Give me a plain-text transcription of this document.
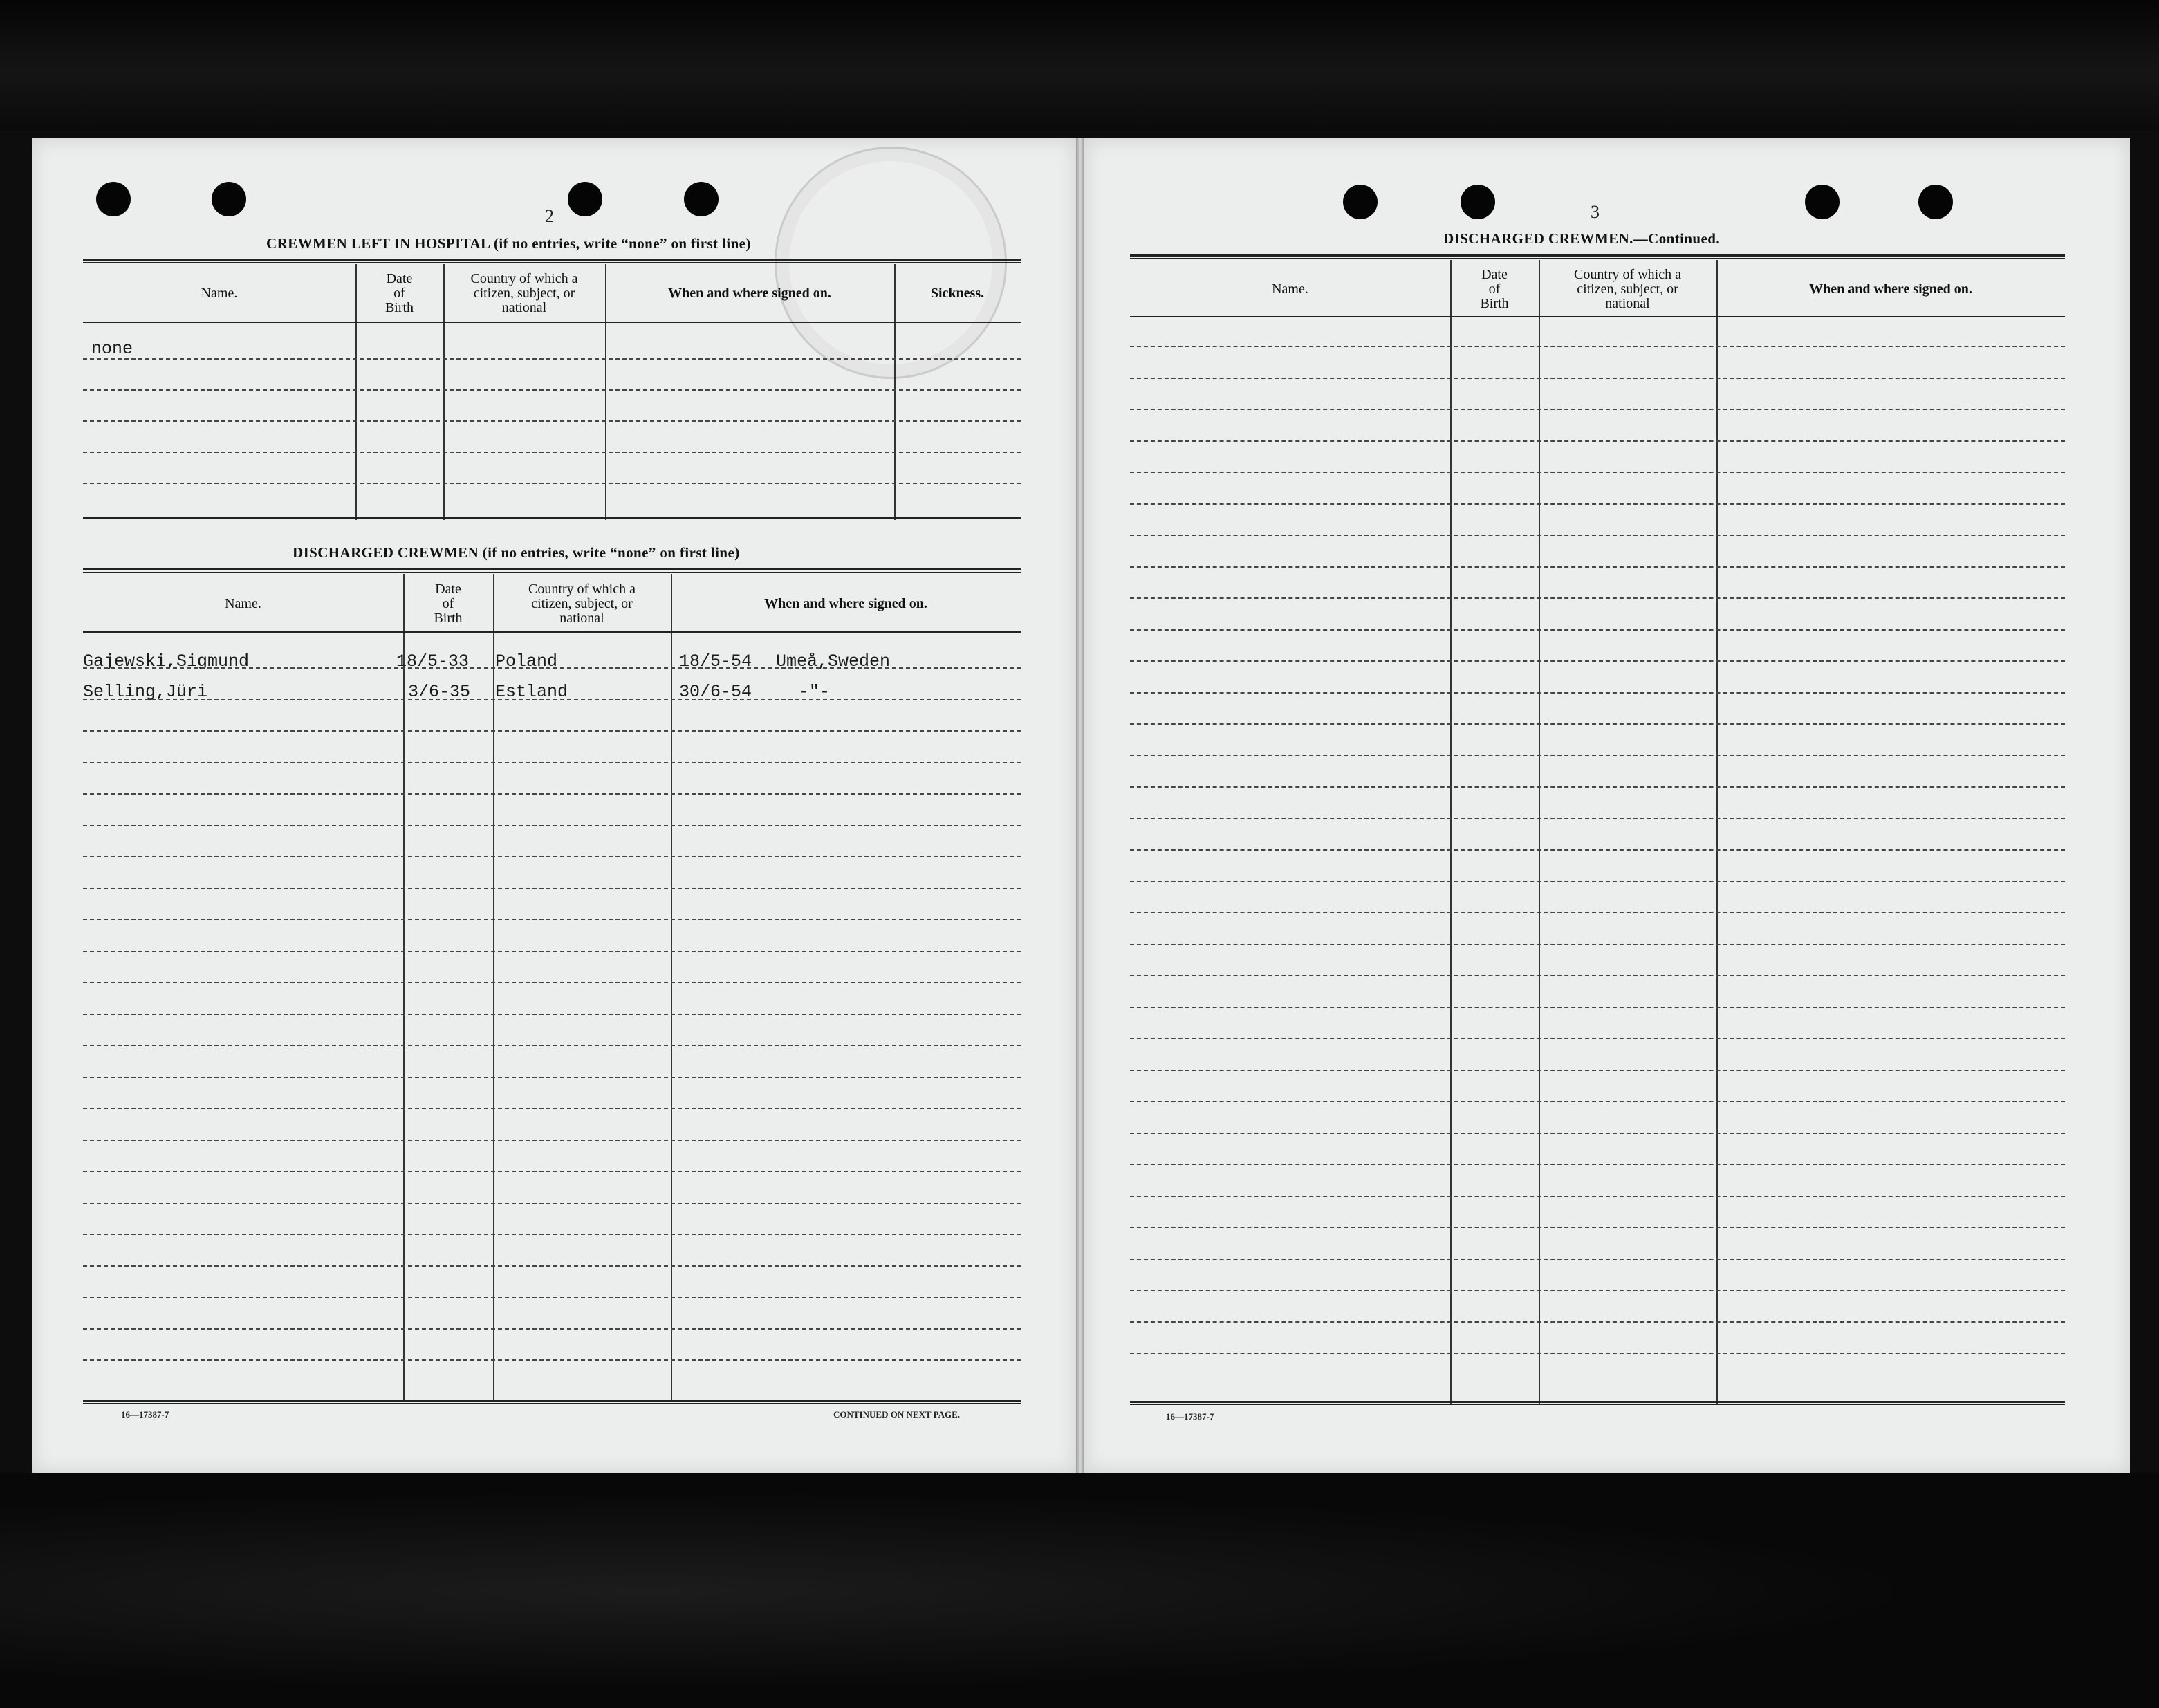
2
CREWMEN LEFT IN HOSPITAL (if no entries, write “none” on first line)
Name.
Date
of
Birth
Country of which a
citizen, subject, or
national
When and where signed on.	Sickness.
none
DISCHARGED CREWMEN (if no entries, write “none” on first line)
Name.
Date
of
Birth
Country of which a
citizen, subject, or
national
When and where signed on.
Gajewski,Sigmund	18/5-33 Poland	18/5-54 Umeå,Sweden
Selling,Jüri	3/6-35 Estland	30/6-54	-"-
16—17387-7	CONTINUED ON NEXT PAGE.
3
DISCHARGED CREWMEN.—Continued.
Name.
Date
of
Birth
Country of which a
citizen, subject, or
national
When and where signed on.
16—17387-7
